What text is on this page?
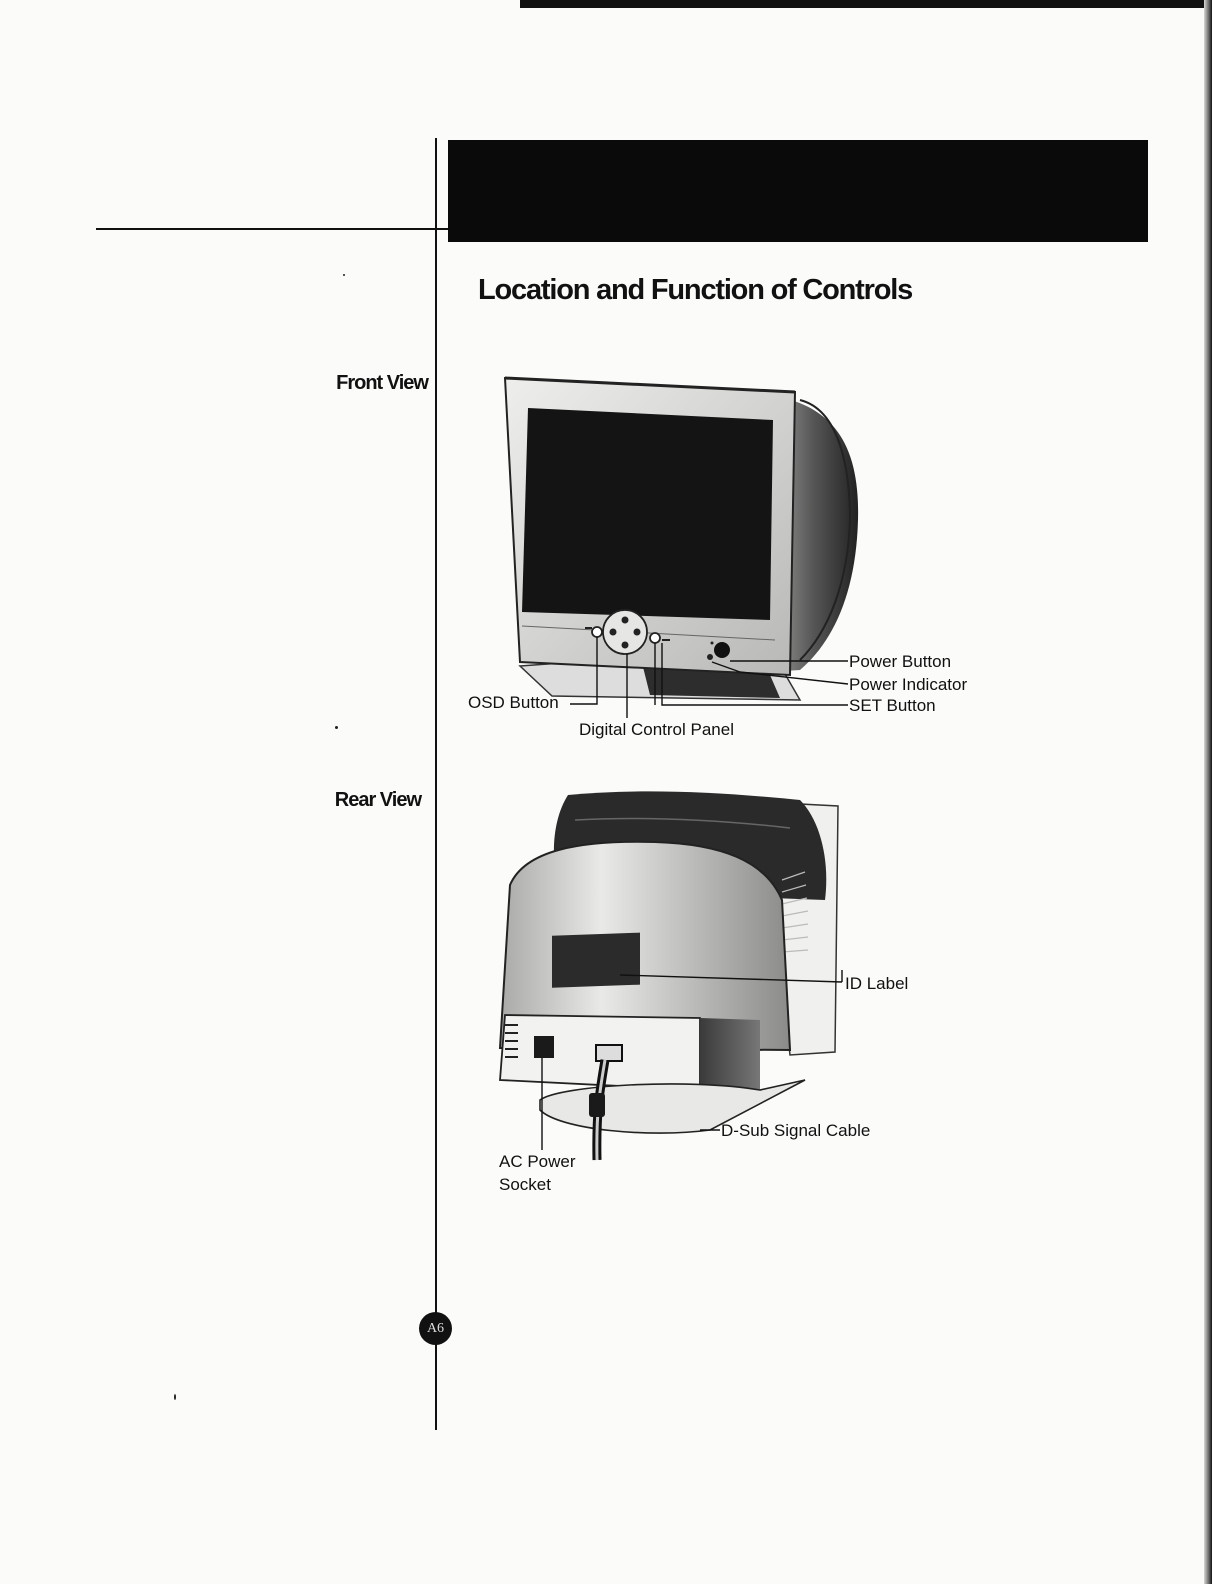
Location and Function of Controls
Front View
Rear View
Power Button
Power Indicator
SET Button
OSD Button
Digital Control Panel
ID Label
D-Sub Signal Cable
AC Power
Socket
A6
